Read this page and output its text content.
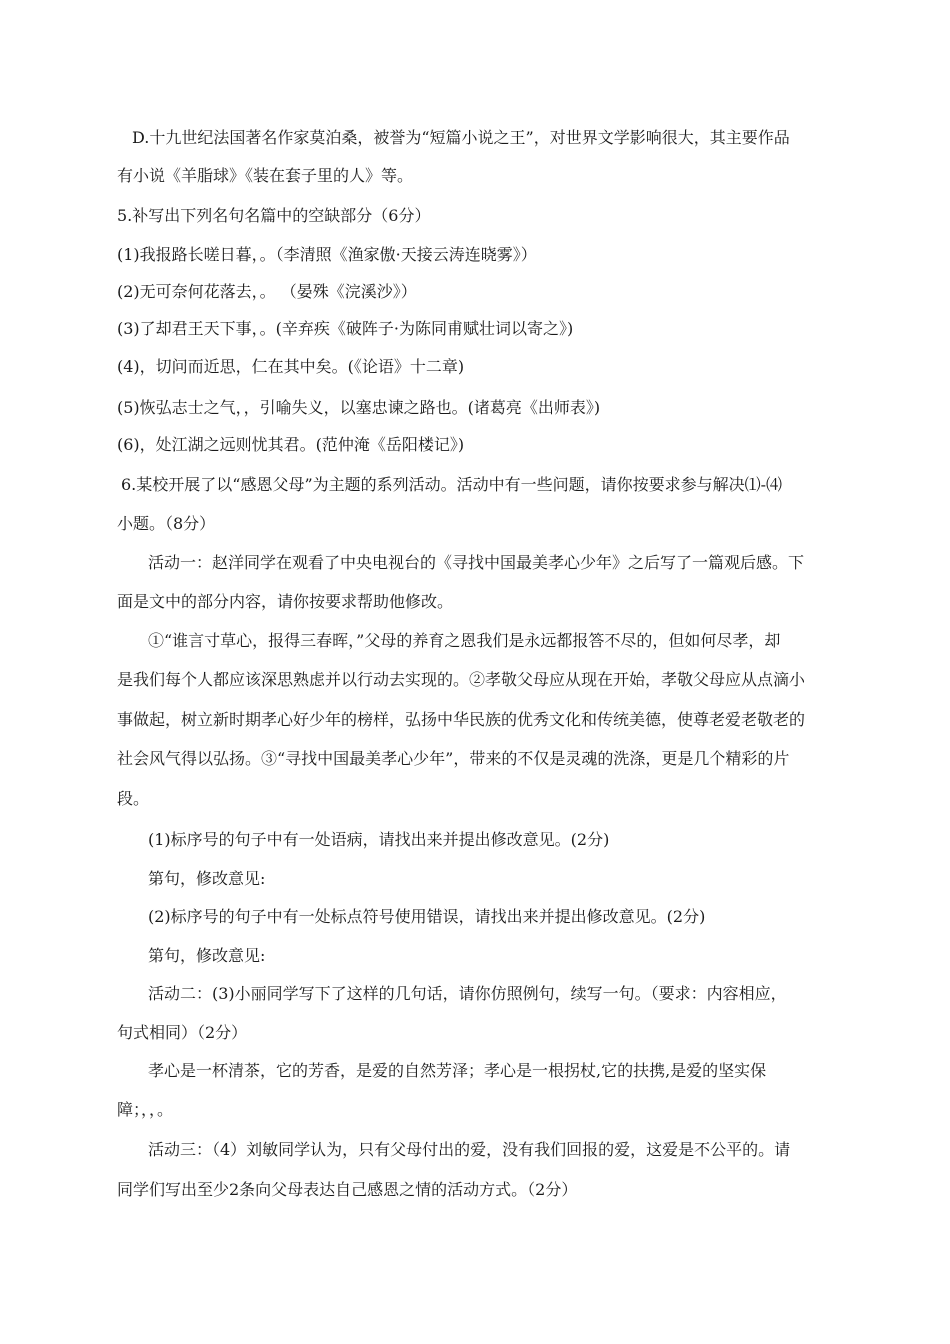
D.十九世纪法国著名作家莫泊桑，被誉为“短篇小说之王”，对世界文学影响很大，其主要作品
有小说《羊脂球》《装在套子里的人》等。
5.补写出下列名句名篇中的空缺部分（6分）
(1)我报路长嗟日暮，。（李清照《渔家傲·天接云涛连晓雾》）
(2)无可奈何花落去，。 （晏殊《浣溪沙》）
(3)了却君王天下事，。(辛弃疾《破阵子·为陈同甫赋壮词以寄之》)
(4)，切问而近思，仁在其中矣。(《论语》十二章)
(5)恢弘志士之气，，引喻失义，以塞忠谏之路也。(诸葛亮《出师表》)
(6)，处江湖之远则忧其君。(范仲淹《岳阳楼记》)
6.某校开展了以“感恩父母”为主题的系列活动。活动中有一些问题，请你按要求参与解决⑴-⑷
小题。（8分）
活动一：赵洋同学在观看了中央电视台的《寻找中国最美孝心少年》之后写了一篇观后感。下
面是文中的部分内容，请你按要求帮助他修改。
①“谁言寸草心，报得三春晖，”父母的养育之恩我们是永远都报答不尽的，但如何尽孝，却
是我们每个人都应该深思熟虑并以行动去实现的。②孝敬父母应从现在开始，孝敬父母应从点滴小
事做起，树立新时期孝心好少年的榜样，弘扬中华民族的优秀文化和传统美德，使尊老爱老敬老的
社会风气得以弘扬。③“寻找中国最美孝心少年”，带来的不仅是灵魂的洗涤，更是几个精彩的片
段。
(1)标序号的句子中有一处语病，请找出来并提出修改意见。(2分)
第句，修改意见:
(2)标序号的句子中有一处标点符号使用错误，请找出来并提出修改意见。(2分)
第句，修改意见:
活动二：(3)小丽同学写下了这样的几句话，请你仿照例句，续写一句。（要求：内容相应，
句式相同）（2分）
孝心是一杯清茶，它的芳香，是爱的自然芳泽；孝心是一根拐杖,它的扶携,是爱的坚实保
障；，，。
活动三：（4）刘敏同学认为，只有父母付出的爱，没有我们回报的爱，这爱是不公平的。请
同学们写出至少2条向父母表达自己感恩之情的活动方式。（2分）
